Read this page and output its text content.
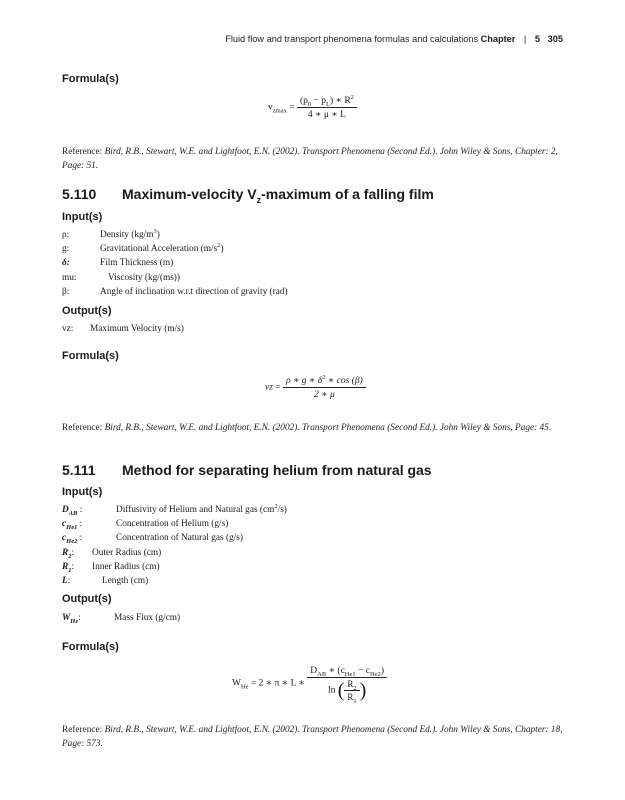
Fluid flow and transport phenomena formulas and calculations Chapter | 5 305
Formula(s)
$v_{zmax} = \frac{(p_0 - p_L) ∗ R^2}{4 ∗ \mu ∗ L}$
Reference: Bird, R.B., Stewart, W.E. and Lightfoot, E.N. (2002). Transport Phenomena (Second Ed.). John Wiley & Sons, Chapter: 2, Page: 51.
5.110 Maximum-velocity $V_z$-maximum of a falling film
Input(s)
ρ:	Density $(kg/m^3)$
g:	Gravitational Acceleration $(m/s^2)$
δ:	Film Thickness (m)
mu:	Viscosity (kg/(ms))
β:	Angle of inclination w.r.t direction of gravity (rad)
Output(s)
vz: Maximum Velocity (m/s)
Formula(s)
vz = $\frac{\rho ∗ g ∗ \delta^2 ∗ \cos (\beta)}{2 ∗ \mu}$
Reference: Bird, R.B., Stewart, W.E. and Lightfoot, E.N. (2002). Transport Phenomena (Second Ed.). John Wiley & Sons, Page: 45.
5.111 Method for separating helium from natural gas
Input(s)
$D_{AB}$ :	Diffusivity of Helium and Natural gas $(cm^2/s)$
$c_{He1}$ :	Concentration of Helium (g/s)
$c_{He2}$ :	Concentration of Natural gas (g/s)
$R_2$: Outer Radius (cm)
$R_1$: Inner Radius (cm)
L:	Length (cm)
Output(s)
$W_{He}$:	Mass Flux (g/cm)
Formula(s)
$W_{He} = 2$ ∗ π ∗ L ∗ $\frac{D_{AB} ∗ (c_{He1} - c_{He2})}{\ln ( \frac{R_2}{R_1} )}$
Reference: Bird, R.B., Stewart, W.E. and Lightfoot, E.N. (2002). Transport Phenomena (Second Ed.). John Wiley & Sons, Chapter: 18, Page: 573.
